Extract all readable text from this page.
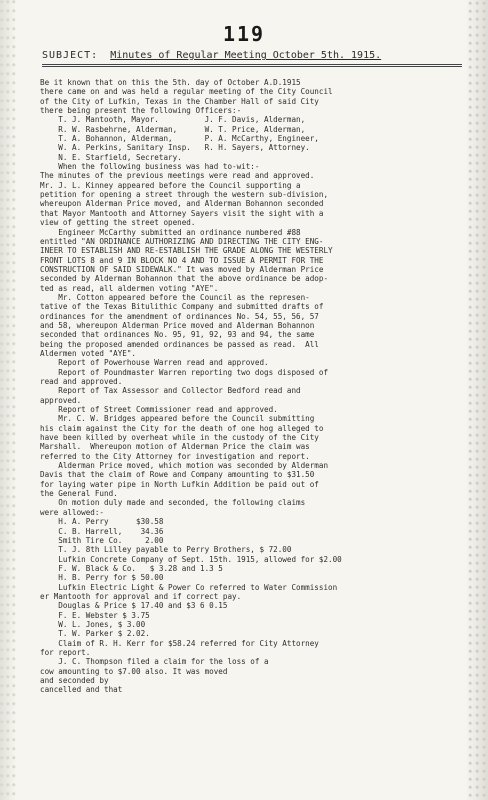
119
SUBJECT: Minutes of Regular Meeting October 5th. 1915.
Be it known that on this the 5th. day of October A.D.1915
there came on and was held a regular meeting of the City Council
of the City of Lufkin, Texas in the Chamber Hall of said City
there being present the following Officers:-
T. J. Mantooth, Mayor.          J. F. Davis, Alderman,
R. W. Rasbehrne, Alderman,      W. T. Price, Alderman,
T. A. Bohannon, Alderman,       P. A. McCarthy, Engineer,
W. A. Perkins, Sanitary Insp.   R. H. Sayers, Attorney.
N. E. Starfield, Secretary.
When the following business was had to-wit:-
The minutes of the previous meetings were read and approved.
Mr. J. L. Kinney appeared before the Council supporting a
petition for opening a street through the western sub-division,
whereupon Alderman Price moved, and Alderman Bohannon seconded
that Mayor Mantooth and Attorney Sayers visit the sight with a
view of getting the street opened.
Engineer McCarthy submitted an ordinance numbered #88
entitled "AN ORDINANCE AUTHORIZING AND DIRECTING THE CITY ENG-
INEER TO ESTABLISH AND RE-ESTABLISH THE GRADE ALONG THE WESTERLY
FRONT LOTS 8 and 9 IN BLOCK NO 4 AND TO ISSUE A PERMIT FOR THE
CONSTRUCTION OF SAID SIDEWALK." It was moved by Alderman Price
seconded by Alderman Bohannon that the above ordinance be adop-
ted as read, all aldermen voting "AYE".
Mr. Cotton appeared before the Council as the represen-
tative of the Texas Bitulithic Company and submitted drafts of
ordinances for the amendment of ordinances No. 54, 55, 56, 57
and 58, whereupon Alderman Price moved and Alderman Bohannon
seconded that ordinances No. 95, 91, 92, 93 and 94, the same
being the proposed amended ordinances be passed as read.  All
Aldermen voted "AYE".
Report of Powerhouse Warren read and approved.
Report of Poundmaster Warren reporting two dogs disposed of
read and approved.
Report of Tax Assessor and Collector Bedford read and
approved.
Report of Street Commissioner read and approved.
Mr. C. W. Bridges appeared before the Council submitting
his claim against the City for the death of one hog alleged to
have been killed by overheat while in the custody of the City
Marshall.  Whereupon motion of Alderman Price the claim was
referred to the City Attorney for investigation and report.
Alderman Price moved, which motion was seconded by Alderman
Davis that the claim of Rowe and Company amounting to $31.50
for laying water pipe in North Lufkin Addition be paid out of
the General Fund.
On motion duly made and seconded, the following claims
were allowed:-
H. A. Perry      $30.58
C. B. Harrell,    34.36
Smith Tire Co.     2.00
T. J. 8th Lilley payable to Perry Brothers, $ 72.00
Lufkin Concrete Company of Sept. 15th. 1915, allowed for $2.00
F. W. Black & Co.   $ 3.28 and 1.3 5
H. B. Perry for $ 50.00
Lufkin Electric Light & Power Co referred to Water Commission
er Mantooth for approval and if correct pay.
Douglas & Price $ 17.40 and $3 6 0.15
F. E. Webster $ 3.75
W. L. Jones, $ 3.00
T. W. Parker $ 2.02.
Claim of R. H. Kerr for $58.24 referred for City Attorney
for report.
J. C. Thompson filed a claim for the loss of a
cow amounting to $7.00 also. It was moved
and seconded by
cancelled and that
